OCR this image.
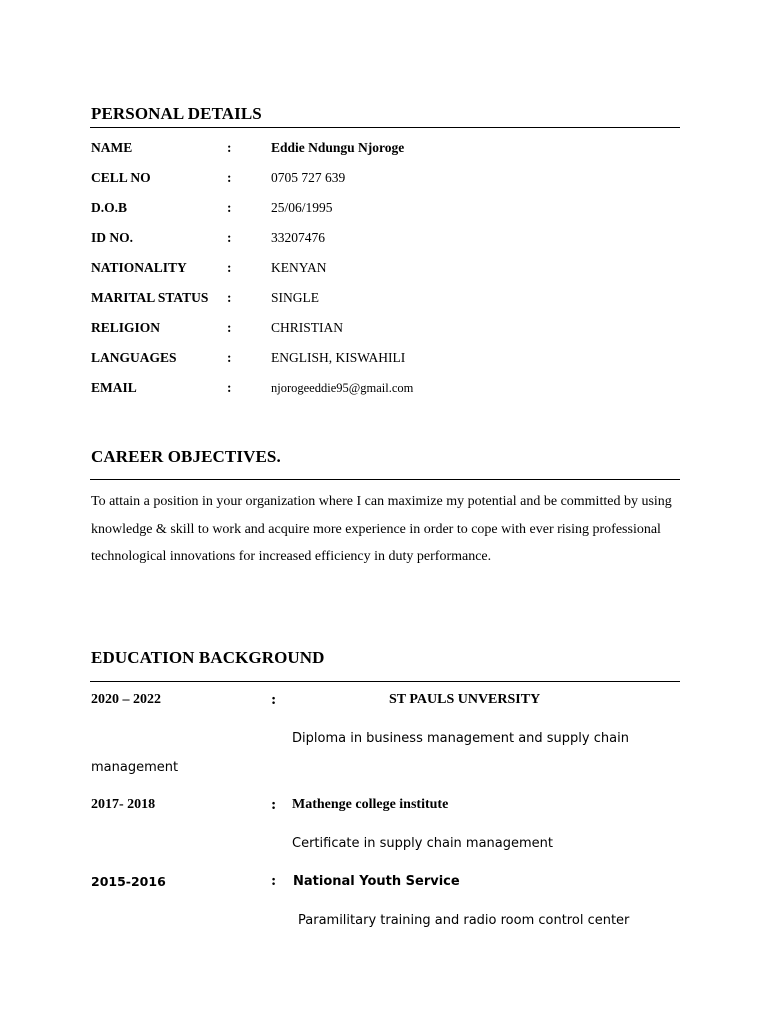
PERSONAL DETAILS
NAME	:	Eddie Ndungu Njoroge
CELL NO	:	0705 727 639
D.O.B	:	25/06/1995
ID NO.	:	33207476
NATIONALITY	:	KENYAN
MARITAL STATUS :	SINGLE
RELIGION	:	CHRISTIAN
LANGUAGES	:	ENGLISH, KISWAHILI
EMAIL	:	njorogeeddie95@gmail.com
CAREER OBJECTIVES.

To attain a position in your organization where I can maximize my potential and be committed by using knowledge & skill to work and acquire more experience in order to cope with ever rising professional technological innovations for increased efficiency in duty performance.

EDUCATION BACKGROUND
2020 – 2022	:	ST PAULS UNVERSITY
Diploma in business management and supply chain
management
2017- 2018	: Mathenge college institute
Certificate in supply chain management
2015-2016	: National Youth Service
Paramilitary training and radio room control center
